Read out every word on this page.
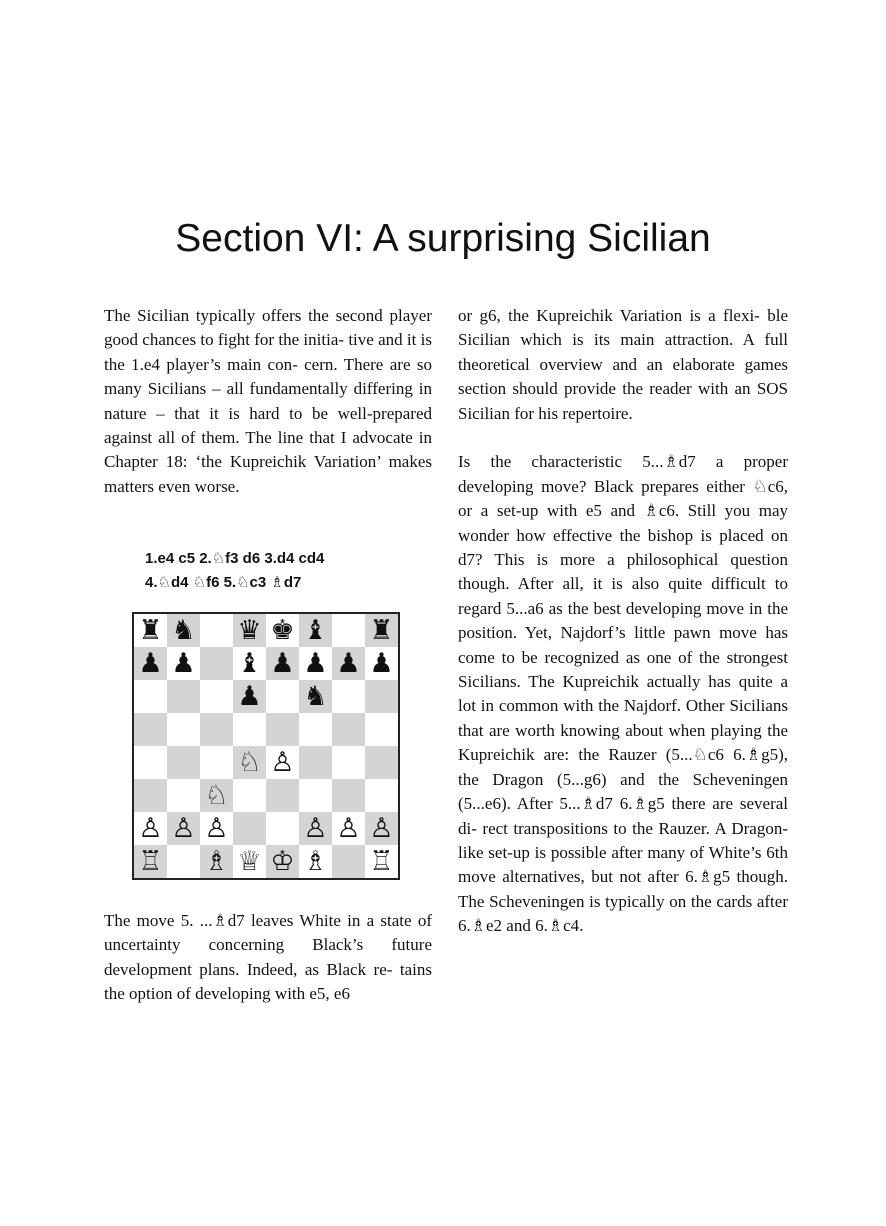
Section VI: A surprising Sicilian

The Sicilian typically offers the second player good chances to fight for the initia- tive and it is the 1.e4 player’s main con- cern. There are so many Sicilians – all fundamentally differing in nature – that it is hard to be well-prepared against all of them. The line that I advocate in Chapter 18: ‘the Kupreichik Variation’ makes matters even worse.

1.e4 c5 2.♘f3 d6 3.d4 cd4
4.♘d4 ♘f6 5.♘c3 ♗d7
♜ ♞ ♛ ♚ ♝ ♜
♟ ♟ ♝ ♟ ♟ ♟ ♟
♟ ♞
♘ ♙
♘
♙ ♙ ♙	♙ ♙ ♙
♖ ♗ ♕ ♔ ♗ ♖

The move 5. ...♗d7 leaves White in a state of uncertainty concerning Black’s future development plans. Indeed, as Black re- tains the option of developing with e5, e6

or g6, the Kupreichik Variation is a flexi- ble Sicilian which is its main attraction. A full theoretical overview and an elaborate games section should provide the reader with an SOS Sicilian for his repertoire.

Is the characteristic 5...♗d7 a proper developing move? Black prepares either ♘c6, or a set-up with e5 and ♗c6. Still you may wonder how effective the bishop is placed on d7? This is more a philosophical question though. After all, it is also quite difficult to regard 5...a6 as the best developing move in the position. Yet, Najdorf’s little pawn move has come to be recognized as one of the strongest Sicilians. The Kupreichik actually has quite a lot in common with the Najdorf. Other Sicilians that are worth knowing about when playing the Kupreichik are: the Rauzer (5...♘c6 6.♗g5), the Dragon (5...g6) and the Scheveningen (5...e6). After 5...♗d7 6.♗g5 there are several di- rect transpositions to the Rauzer. A Dragon-like set-up is possible after many of White’s 6th move alternatives, but not after 6.♗g5 though. The Scheveningen is typically on the cards after 6.♗e2 and 6.♗c4.
